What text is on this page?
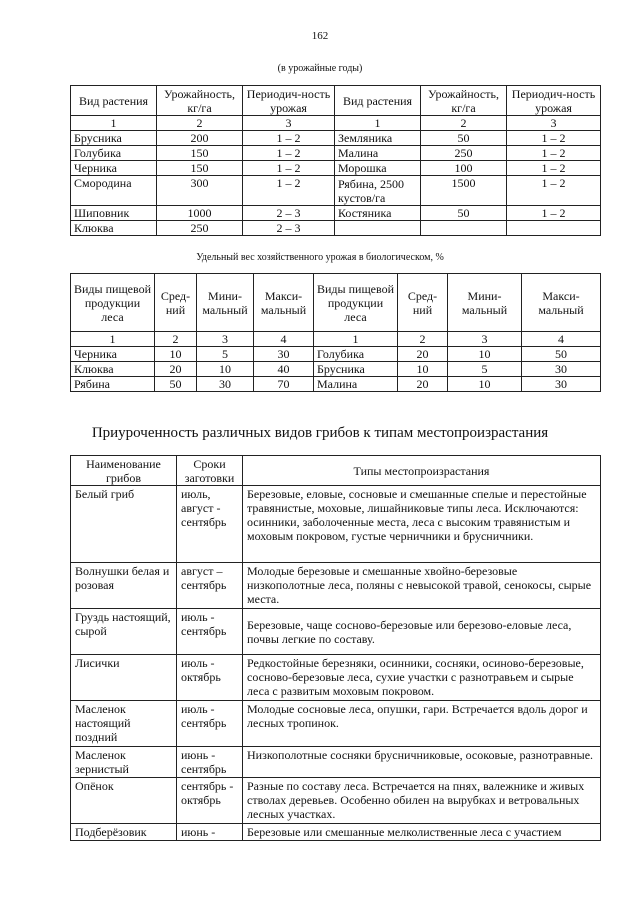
162
(в урожайные годы)
Вид растения	Урожайность, кг/га	Периодич-ность урожая	Вид растения	Урожайность, кг/га	Периодич-ность урожая
1	2	3	1	2	3
Брусника	200	1 – 2	Земляника	50	1 – 2
Голубика	150	1 – 2	Малина	250	1 – 2
Черника	150	1 – 2	Морошка	100	1 – 2
Смородина	300	1 – 2	Рябина, 2500 кустов/га	1500	1 – 2
Шиповник	1000	2 – 3	Костяника	50	1 – 2
Клюква	250	2 – 3			
Удельный вес хозяйственного урожая в биологическом, %
Виды пищевой продукции леса	Сред-ний	Мини-мальный	Макси-мальный	Виды пищевой продукции леса	Сред-ний	Мини-мальный	Макси-мальный
1	2	3	4	1	2	3	4
Черника	10	5	30	Голубика	20	10	50
Клюква	20	10	40	Брусника	10	5	30
Рябина	50	30	70	Малина	20	10	30
Приуроченность различных видов грибов к типам местопроизрастания
Наименование грибов	Сроки заготовки	Типы местопроизрастания
Белый гриб	июль, август - сентябрь	Березовые, еловые, сосновые и смешанные спелые и перестойные травянистые, моховые, лишайниковые типы леса. Исключаются: осинники, заболоченные места, леса с высоким травянистым и моховым покровом, густые черничники и брусничники.
Волнушки белая и розовая	август – сентябрь	Молодые березовые и смешанные хвойно-березовые низкополотные леса, поляны с невысокой травой, сенокосы, сырые места.
Груздь настоящий, сырой	июль - сентябрь	Березовые, чаще сосново-березовые или березово-еловые леса, почвы легкие по составу.
Лисички	июль - октябрь	Редкостойные березняки, осинники, сосняки, осиново-березовые, сосново-березовые леса, сухие участки с разнотравьем и сырые леса с развитым моховым покровом.
Масленок настоящий поздний	июль - сентябрь	Молодые сосновые леса, опушки, гари. Встречается вдоль дорог и лесных тропинок.
Масленок зернистый	июнь - сентябрь	Низкополотные сосняки брусничниковые, осоковые, разнотравные.
Опёнок	сентябрь - октябрь	Разные по составу леса. Встречается на пнях, валежнике и живых стволах деревьев. Особенно обилен на вырубках и ветровальных лесных участках.
Подберёзовик	июнь -	Березовые или смешанные мелколиственные леса с участием
